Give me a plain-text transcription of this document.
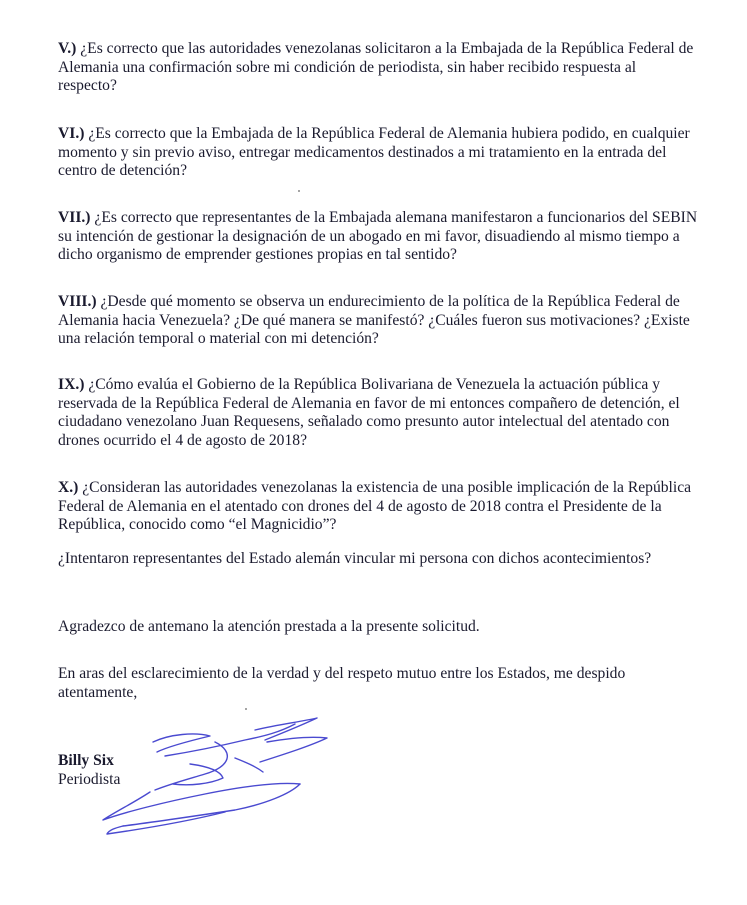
V.) ¿Es correcto que las autoridades venezolanas solicitaron a la Embajada de la República Federal de Alemania una confirmación sobre mi condición de periodista, sin haber recibido respuesta al respecto?

VI.) ¿Es correcto que la Embajada de la República Federal de Alemania hubiera podido, en cualquier momento y sin previo aviso, entregar medicamentos destinados a mi tratamiento en la entrada del centro de detención?

VII.) ¿Es correcto que representantes de la Embajada alemana manifestaron a funcionarios del SEBIN su intención de gestionar la designación de un abogado en mi favor, disuadiendo al mismo tiempo a dicho organismo de emprender gestiones propias en tal sentido?

VIII.) ¿Desde qué momento se observa un endurecimiento de la política de la República Federal de Alemania hacia Venezuela? ¿De qué manera se manifestó? ¿Cuáles fueron sus motivaciones? ¿Existe una relación temporal o material con mi detención?

IX.) ¿Cómo evalúa el Gobierno de la República Bolivariana de Venezuela la actuación pública y reservada de la República Federal de Alemania en favor de mi entonces compañero de detención, el ciudadano venezolano Juan Requesens, señalado como presunto autor intelectual del atentado con drones ocurrido el 4 de agosto de 2018?

X.) ¿Consideran las autoridades venezolanas la existencia de una posible implicación de la República Federal de Alemania en el atentado con drones del 4 de agosto de 2018 contra el Presidente de la República, conocido como “el Magnicidio”?

¿Intentaron representantes del Estado alemán vincular mi persona con dichos acontecimientos?

Agradezco de antemano la atención prestada a la presente solicitud.

En aras del esclarecimiento de la verdad y del respeto mutuo entre los Estados, me despido atentamente,

Billy Six
Periodista
